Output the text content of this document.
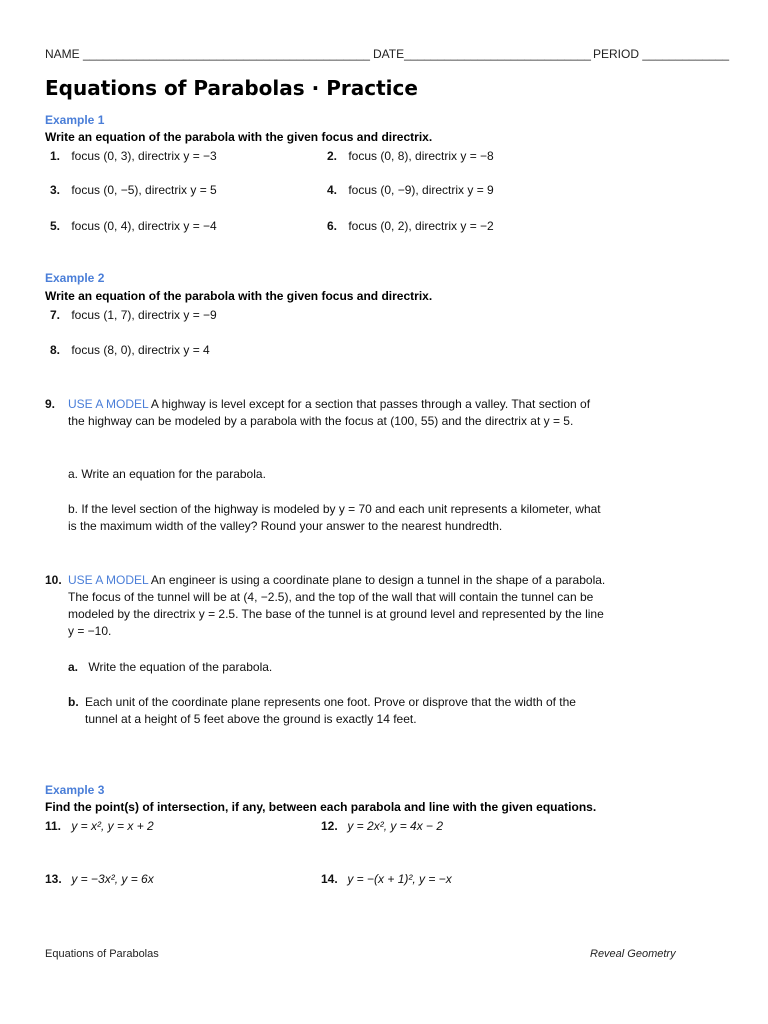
NAME ___________________________________________ DATE____________________________ PERIOD _____________
Equations of Parabolas · Practice
Example 1
Write an equation of the parabola with the given focus and directrix.
1. focus (0, 3), directrix y = −3	2. focus (0, 8), directrix y = −8
3. focus (0, −5), directrix y = 5	4. focus (0, −9), directrix y = 9
5. focus (0, 4), directrix y = −4	6. focus (0, 2), directrix y = −2
Example 2
Write an equation of the parabola with the given focus and directrix.
7. focus (1, 7), directrix y = −9
8. focus (8, 0), directrix y = 4
9. USE A MODEL A highway is level except for a section that passes through a valley. That section of the highway can be modeled by a parabola with the focus at (100, 55) and the directrix at y = 5.
a. Write an equation for the parabola.
b. If the level section of the highway is modeled by y = 70 and each unit represents a kilometer, what is the maximum width of the valley? Round your answer to the nearest hundredth.
10. USE A MODEL An engineer is using a coordinate plane to design a tunnel in the shape of a parabola. The focus of the tunnel will be at (4, −2.5), and the top of the wall that will contain the tunnel can be modeled by the directrix y = 2.5. The base of the tunnel is at ground level and represented by the line y = −10.
a. Write the equation of the parabola.
b. Each unit of the coordinate plane represents one foot. Prove or disprove that the width of the tunnel at a height of 5 feet above the ground is exactly 14 feet.
Example 3
Find the point(s) of intersection, if any, between each parabola and line with the given equations.
11. y = x², y = x + 2	12. y = 2x², y = 4x − 2
13. y = −3x², y = 6x	14. y = −(x + 1)², y = −x
Equations of Parabolas	Reveal Geometry
